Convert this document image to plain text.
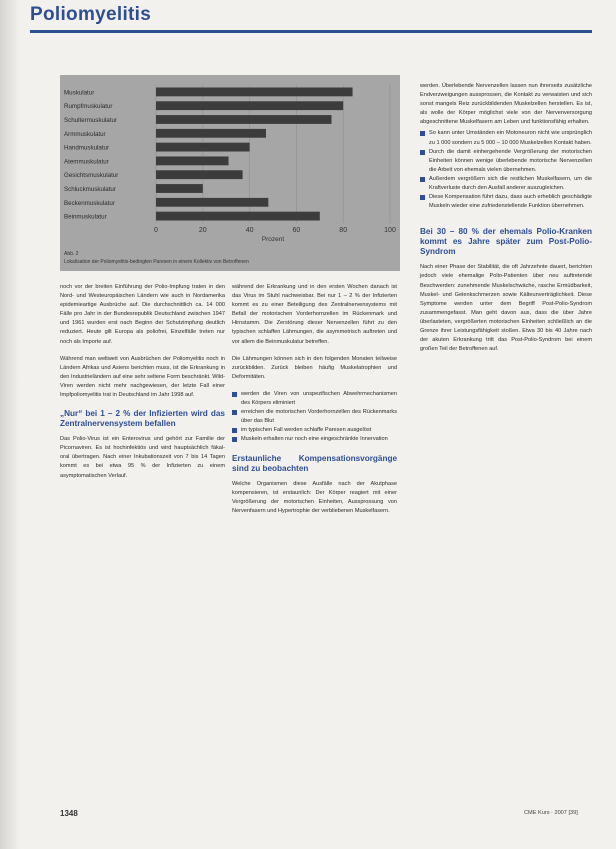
Poliomyelitis
0	20	40	60	80	100
Muskulatur
Rumpfmuskulatur
Schultermuskulatur
Armmuskulatur
Handmuskulatur
Atemmuskulatur
Gesichtsmuskulatur
Schluckmuskulatur
Beckenmuskulatur
Beinmuskulatur
Prozent
Abb. 2
Lokalisation der Poliomyelitis-bedingten Paresen in einem Kollektiv von Betroffenen

noch vor der breiten Einführung der Polio-Impfung traten in den Nord- und Westeuropäischen Ländern wie auch in Nordamerika epidemieartige Ausbrüche auf. Die durchschnittlich ca. 14 000 Fälle pro Jahr in der Bundesrepublik Deutschland zwischen 1947 und 1961 wurden erst nach Beginn der Schutzimpfung deutlich reduziert. Heute gilt Europa als poliofrei, Einzelfälle treten nur noch als Importe auf.

Während man weltweit von Ausbrüchen der Poliomyelitis noch in Ländern Afrikas und Asiens berichten muss, ist die Erkrankung in den Industrieländern auf eine sehr seltene Form beschränkt. Wild-Viren werden nicht mehr nachgewiesen, der letzte Fall einer Impfpoliomyelitis trat in Deutschland im Jahr 1998 auf.

„Nur“ bei 1 – 2 % der Infizierten wird das Zentralnervensystem befallen

Das Polio-Virus ist ein Enterovirus und gehört zur Familie der Picornaviren. Es ist hochinfektiös und wird hauptsächlich fäkal-oral übertragen. Nach einer Inkubationszeit von 7 bis 14 Tagen kommt es bei etwa 95 % der Infizierten zu einem asymptomatischen Verlauf.

während der Erkrankung und in den ersten Wochen danach ist das Virus im Stuhl nachweisbar. Bei nur 1 – 2 % der Infizierten kommt es zu einer Beteiligung des Zentralnervensystems mit Befall der motorischen Vorderhornzellen im Rückenmark und Hirnstamm. Die Zerstörung dieser Nervenzellen führt zu den typischen schlaffen Lähmungen, die asymmetrisch auftreten und vor allem die Beinmuskulatur betreffen.

Die Lähmungen können sich in den folgenden Monaten teilweise zurückbilden. Zurück bleiben häufig Muskelatrophien und Deformitäten.

werden die Viren von unspezifischen Abwehrmechanismen des Körpers eliminiert
erreichen die motorischen Vorderhornzellen des Rückenmarks über das Blut
im typischen Fall werden schlaffe Paresen ausgelöst
Muskeln erhalten nur noch eine eingeschränkte Innervation
Erstaunliche Kompensationsvorgänge sind zu beobachten

Welche Organismen diese Ausfälle nach der Akutphase kompensieren, ist erstaunlich: Der Körper reagiert mit einer Vergrößerung der motorischen Einheiten, Aussprossung von Nervenfasern und Hypertrophie der verbliebenen Muskelfasern.

werden. Überlebende Nervenzellen lassen nun ihrerseits zusätzliche Endverzweigungen aussprossen, die Kontakt zu verwaisten und sich sonst mangels Reiz zurückbildenden Muskelzellen herstellen. Es ist, als wolle der Körper möglichst viele von der Nervenversorgung abgeschnittene Muskelfasern am Leben und funktionsfähig erhalten.

So kann unter Umständen ein Motoneuron nicht wie ursprünglich zu 1 000 sondern zu 5 000 – 10 000 Muskelzellen Kontakt haben.
Durch die damit einhergehende Vergrößerung der motorischen Einheiten können wenige überlebende motorische Nervenzellen die Arbeit von ehemals vielen übernehmen.
Außerdem vergrößern sich die restlichen Muskelfasern, um die Kraftverluste durch den Ausfall anderer auszugleichen.
Diese Kompensation führt dazu, dass auch erheblich geschädigte Muskeln wieder eine zufriedenstellende Funktion übernehmen.
Bei 30 – 80 % der ehemals Polio-Kranken kommt es Jahre später zum Post-Polio-Syndrom

Nach einer Phase der Stabilität, die oft Jahrzehnte dauert, berichten jedoch viele ehemalige Polio-Patienten über neu auftretende Beschwerden: zunehmende Muskelschwäche, rasche Ermüdbarkeit, Muskel- und Gelenkschmerzen sowie Kälteunverträglichkeit. Diese Symptome werden unter dem Begriff Post-Polio-Syndrom zusammengefasst. Man geht davon aus, dass die über Jahre überlasteten, vergrößerten motorischen Einheiten schließlich an die Grenze ihrer Leistungsfähigkeit stoßen. Etwa 30 bis 40 Jahre nach der akuten Erkrankung tritt das Post-Polio-Syndrom bei einem großen Teil der Betroffenen auf.

1348	CME Kurs · 2007 [39]
